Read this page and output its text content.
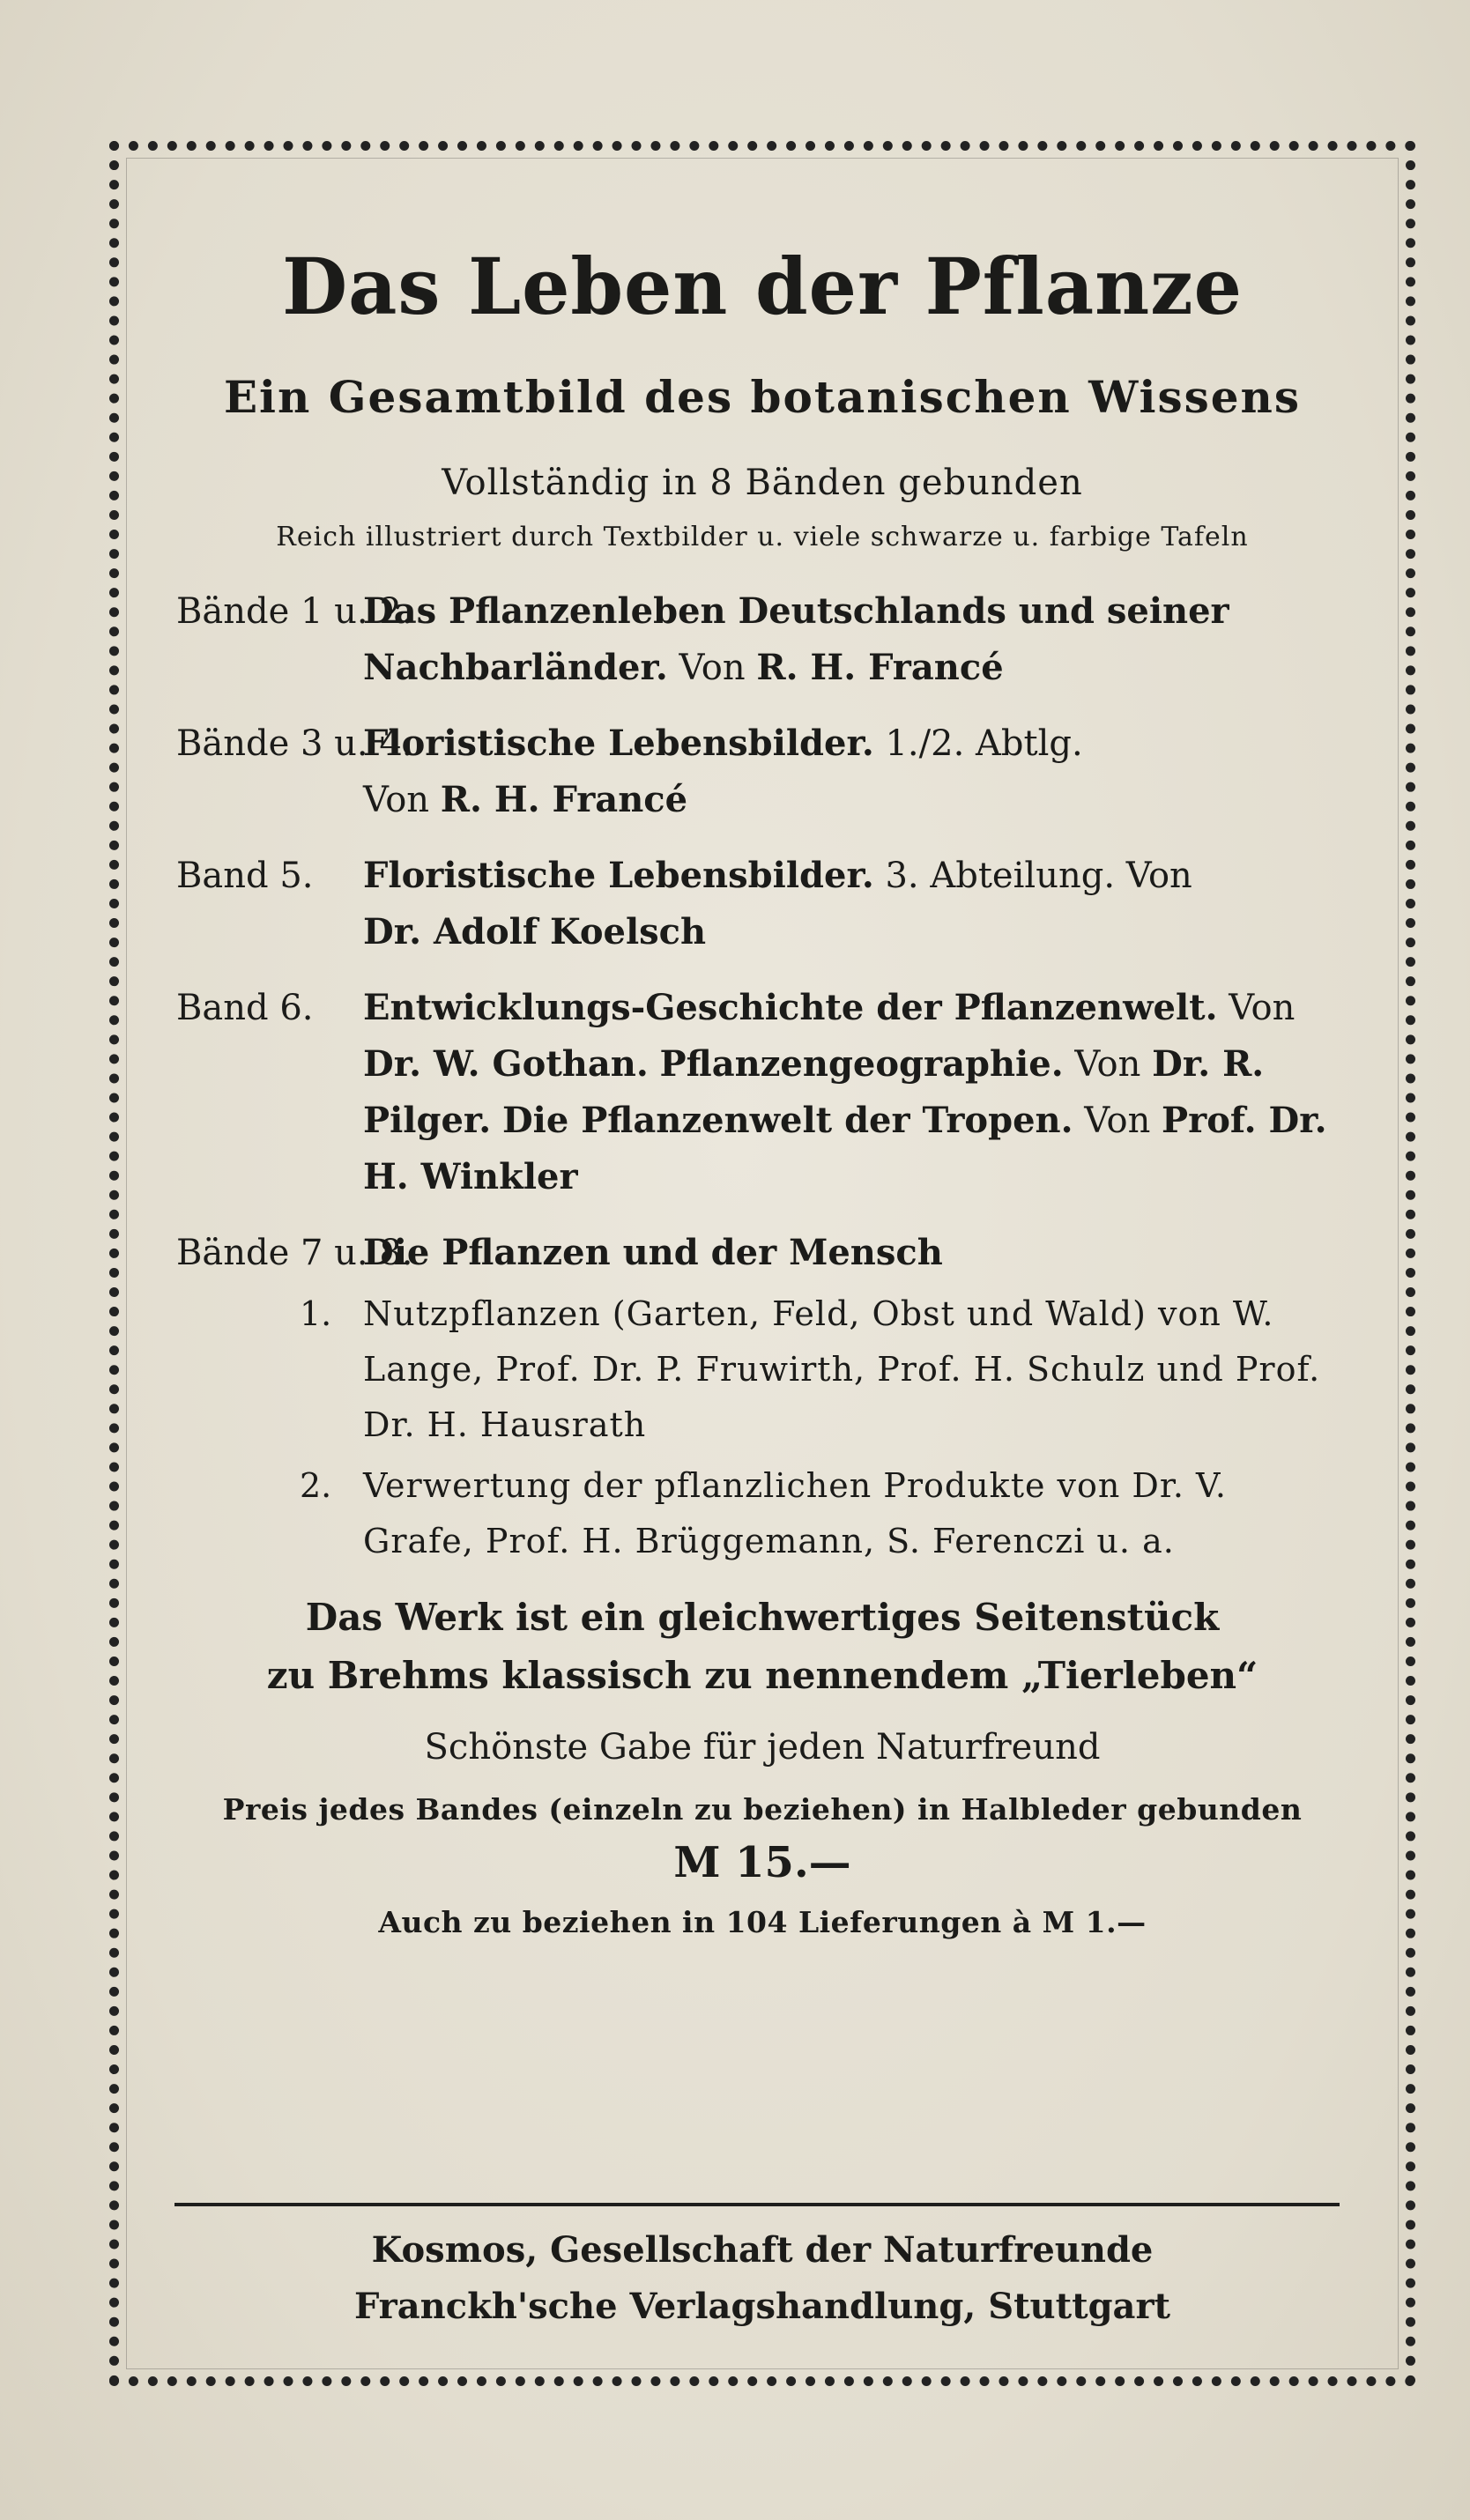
Das Leben der Pflanze
Ein Gesamtbild des botanischen Wissens
Vollständig in 8 Bänden gebunden
Reich illustriert durch Textbilder u. viele schwarze u. farbige Tafeln
Bände 1 u. 2.
Das Pflanzenleben Deutschlands und seiner Nachbarländer. Von R. H. Francé
Bände 3 u. 4.
Floristische Lebensbilder. 1./2. Abtlg.
Von R. H. Francé
Band 5.	Floristische Lebensbilder. 3. Abteilung. Von
Dr. Adolf Koelsch
Band 6.	Entwicklungs-Geschichte der Pflanzenwelt. Von Dr. W. Gothan. Pflanzengeographie. Von Dr. R. Pilger. Die Pflanzenwelt der Tropen. Von Prof. Dr. H. Winkler
Bände 7 u. 8.
Die Pflanzen und der Mensch
1. Nutzpflanzen (Garten, Feld, Obst und Wald) von W. Lange, Prof. Dr. P. Fruwirth, Prof. H. Schulz und Prof. Dr. H. Hausrath
2. Verwertung der pflanzlichen Produkte von Dr. V. Grafe, Prof. H. Brüggemann, S. Ferenczi u. a.
Das Werk ist ein gleichwertiges Seitenstück
zu Brehms klassisch zu nennendem „Tierleben“
Schönste Gabe für jeden Naturfreund
Preis jedes Bandes (einzeln zu beziehen) in Halbleder gebunden
M 15.—
Auch zu beziehen in 104 Lieferungen à M 1.—
Kosmos, Gesellschaft der Naturfreunde
Franckh'sche Verlagshandlung, Stuttgart
